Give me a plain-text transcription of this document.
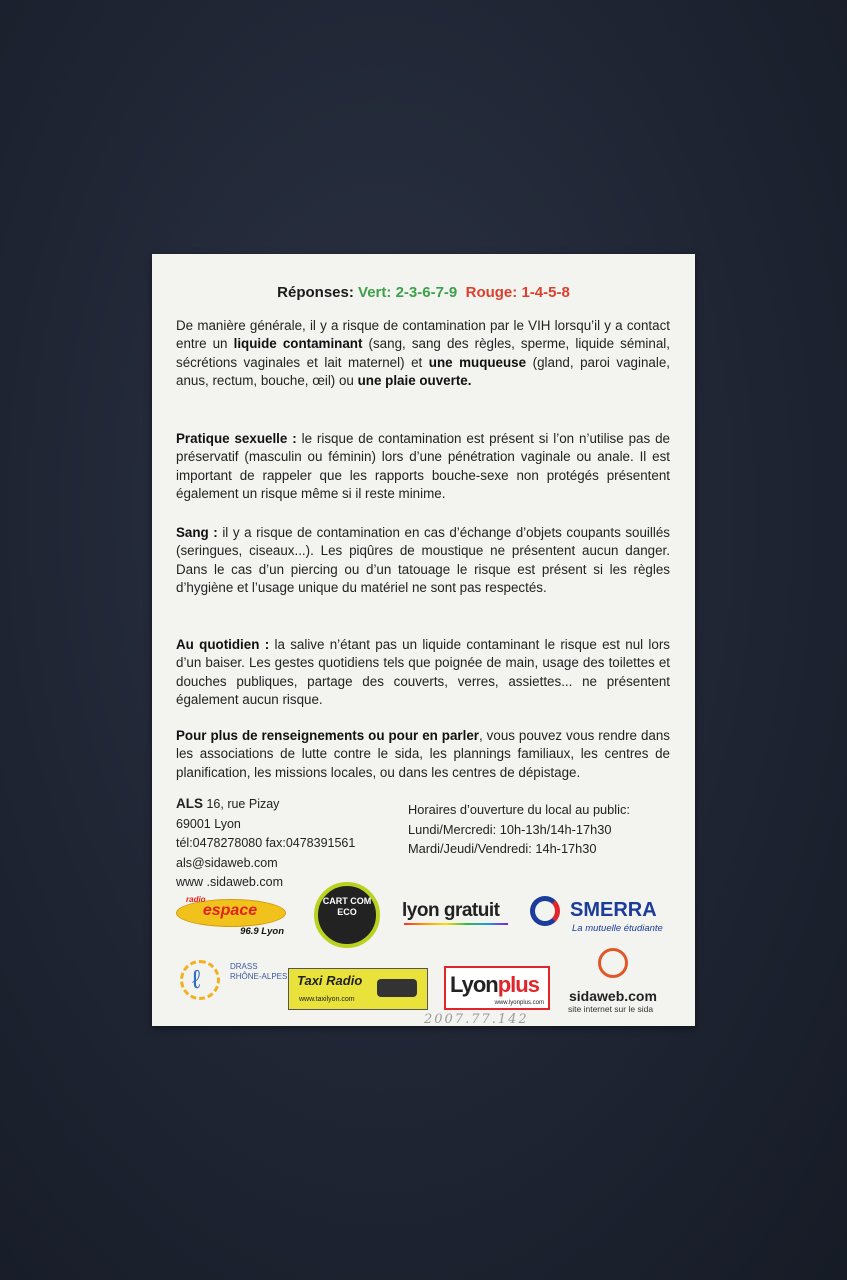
Réponses: Vert: 2-3-6-7-9 Rouge: 1-4-5-8

De manière générale, il y a risque de contamination par le VIH lorsqu’il y a contact entre un liquide contaminant (sang, sang des règles, sperme, liquide séminal, sécrétions vaginales et lait maternel) et une muqueuse (gland, paroi vaginale, anus, rectum, bouche, œil) ou une plaie ouverte.

Pratique sexuelle : le risque de contamination est présent si l’on n’utilise pas de préservatif (masculin ou féminin) lors d’une pénétration vaginale ou anale. Il est important de rappeler que les rapports bouche-sexe non protégés présentent également un risque même si il reste minime.

Sang : il y a risque de contamination en cas d’échange d’objets coupants souillés (seringues, ciseaux...). Les piqûres de moustique ne présentent aucun danger. Dans le cas d’un piercing ou d’un tatouage le risque est présent si les règles d’hygiène et l’usage unique du matériel ne sont pas respectés.

Au quotidien : la salive n’étant pas un liquide contaminant le risque est nul lors d’un baiser. Les gestes quotidiens tels que poignée de main, usage des toilettes et douches publiques, partage des couverts, verres, assiettes... ne présentent également aucun risque.

Pour plus de renseignements ou pour en parler, vous pouvez vous rendre dans les associations de lutte contre le sida, les plannings familiaux, les centres de planification, les missions locales, ou dans les centres de dépistage.

ALS 16, rue Pizay
69001 Lyon
tél:0478278080 fax:0478391561
als@sidaweb.com
www .sidaweb.com
Horaires d’ouverture du local au public:
Lundi/Mercredi: 10h-13h/14h-17h30
Mardi/Jeudi/Vendredi: 14h-17h30
radio
espace
96.9 Lyon
CART COM ECO	lyon gratuit	SMERRA
La mutuelle étudiante
ℓ	DRASS RHÔNE-ALPES Taxi Radio
www.taxilyon.com
Lyonplus
www.lyonplus.com sidaweb.com
site internet sur le sida
2007.77.142
